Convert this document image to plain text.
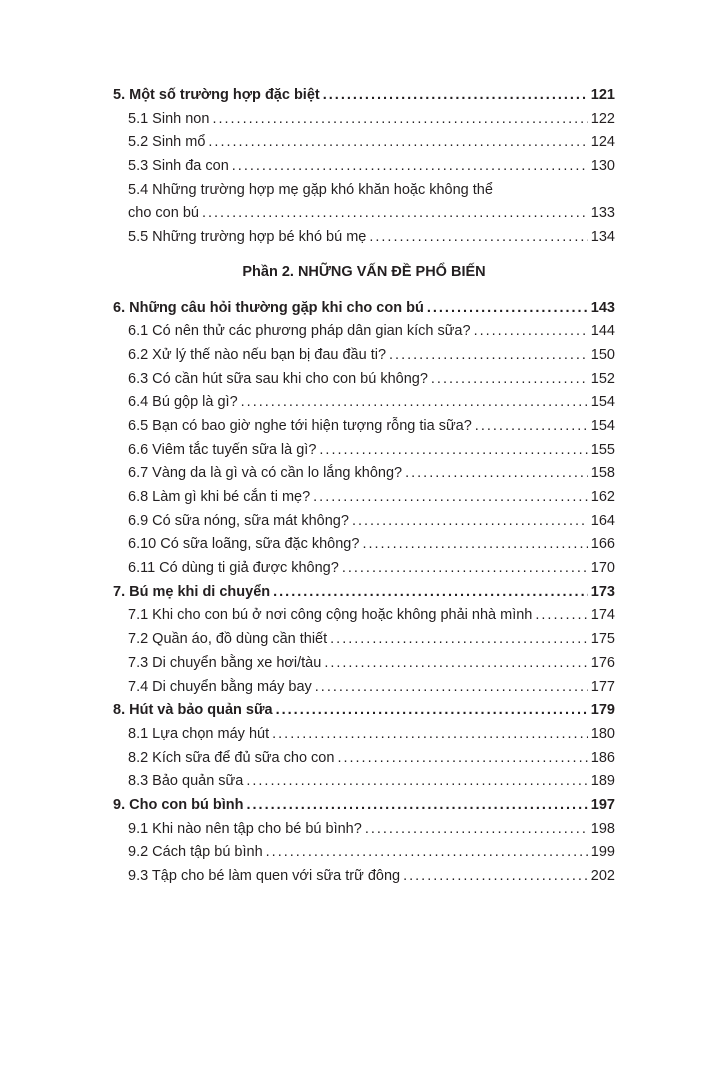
5. Một số trường hợp đặc biệt .....	121
5.1 Sinh non .....	122
5.2 Sinh mổ .....	124
5.3 Sinh đa con .....	130
5.4 Những trường hợp mẹ gặp khó khăn hoặc không thể
cho con bú .....	133
5.5 Những trường hợp bé khó bú mẹ .....	134
Phần 2. NHỮNG VẤN ĐỀ PHỔ BIẾN
6. Những câu hỏi thường gặp khi cho con bú .....	143
6.1 Có nên thử các phương pháp dân gian kích sữa? .....	144
6.2 Xử lý thế nào nếu bạn bị đau đầu ti? .....	150
6.3 Có cần hút sữa sau khi cho con bú không? .....	152
6.4 Bú gộp là gì? .....	154
6.5 Bạn có bao giờ nghe tới hiện tượng rỗng tia sữa? .....	154
6.6 Viêm tắc tuyến sữa là gì? .....	155
6.7 Vàng da là gì và có cần lo lắng không? .....	158
6.8 Làm gì khi bé cắn ti mẹ? .....	162
6.9 Có sữa nóng, sữa mát không? .....	164
6.10 Có sữa loãng, sữa đặc không? .....	166
6.11 Có dùng ti giả được không? .....	170
7. Bú mẹ khi di chuyển .....	173
7.1 Khi cho con bú ở nơi công cộng hoặc không phải nhà mình .....	174
7.2 Quần áo, đồ dùng cần thiết .....	175
7.3 Di chuyển bằng xe hơi/tàu .....	176
7.4 Di chuyển bằng máy bay .....	177
8. Hút và bảo quản sữa .....	179
8.1 Lựa chọn máy hút .....	180
8.2 Kích sữa để đủ sữa cho con .....	186
8.3 Bảo quản sữa .....	189
9. Cho con bú bình .....	197
9.1 Khi nào nên tập cho bé bú bình? .....	198
9.2 Cách tập bú bình .....	199
9.3 Tập cho bé làm quen với sữa trữ đông .....	202
